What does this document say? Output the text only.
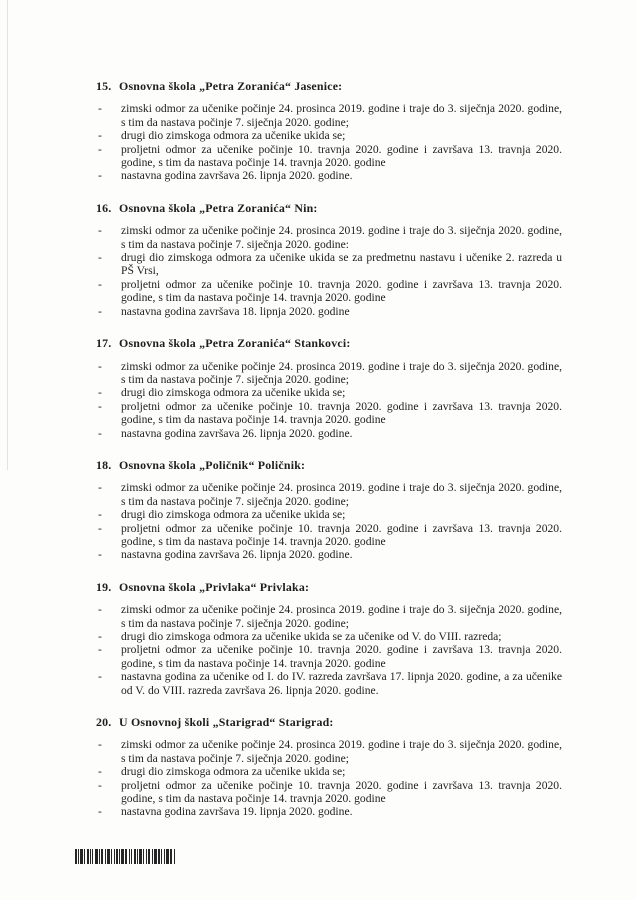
15. Osnovna škola „Petra Zoranića“ Jasenice:
-	zimski odmor za učenike počinje 24. prosinca 2019. godine i traje do 3. siječnja 2020. godine, s tim da nastava počinje 7. siječnja 2020. godine;
-	drugi dio zimskoga odmora za učenike ukida se;
-	proljetni odmor za učenike počinje 10. travnja 2020. godine i završava 13. travnja 2020. godine, s tim da nastava počinje 14. travnja 2020. godine
-	nastavna godina završava 26. lipnja 2020. godine.
16. Osnovna škola „Petra Zoranića“ Nin:
-	zimski odmor za učenike počinje 24. prosinca 2019. godine i traje do 3. siječnja 2020. godine, s tim da nastava počinje 7. siječnja 2020. godine:
-	drugi dio zimskoga odmora za učenike ukida se za predmetnu nastavu i učenike 2. razreda u PŠ Vrsi,
-	proljetni odmor za učenike počinje 10. travnja 2020. godine i završava 13. travnja 2020. godine, s tim da nastava počinje 14. travnja 2020. godine
-	nastavna godina završava 18. lipnja 2020. godine
17. Osnovna škola „Petra Zoranića“ Stankovci:
-	zimski odmor za učenike počinje 24. prosinca 2019. godine i traje do 3. siječnja 2020. godine, s tim da nastava počinje 7. siječnja 2020. godine;
-	drugi dio zimskoga odmora za učenike ukida se;
-	proljetni odmor za učenike počinje 10. travnja 2020. godine i završava 13. travnja 2020. godine, s tim da nastava počinje 14. travnja 2020. godine
-	nastavna godina završava 26. lipnja 2020. godine.
18. Osnovna škola „Poličnik“ Poličnik:
-	zimski odmor za učenike počinje 24. prosinca 2019. godine i traje do 3. siječnja 2020. godine, s tim da nastava počinje 7. siječnja 2020. godine;
-	drugi dio zimskoga odmora za učenike ukida se;
-	proljetni odmor za učenike počinje 10. travnja 2020. godine i završava 13. travnja 2020. godine, s tim da nastava počinje 14. travnja 2020. godine
-	nastavna godina završava 26. lipnja 2020. godine.
19. Osnovna škola „Privlaka“ Privlaka:
-	zimski odmor za učenike počinje 24. prosinca 2019. godine i traje do 3. siječnja 2020. godine, s tim da nastava počinje 7. siječnja 2020. godine;
-	drugi dio zimskoga odmora za učenike ukida se za učenike od V. do VIII. razreda;
-	proljetni odmor za učenike počinje 10. travnja 2020. godine i završava 13. travnja 2020. godine, s tim da nastava počinje 14. travnja 2020. godine
-	nastavna godina za učenike od I. do IV. razreda završava 17. lipnja 2020. godine, a za učenike od V. do VIII. razreda završava 26. lipnja 2020. godine.
20. U Osnovnoj školi „Starigrad“ Starigrad:
-	zimski odmor za učenike počinje 24. prosinca 2019. godine i traje do 3. siječnja 2020. godine, s tim da nastava počinje 7. siječnja 2020. godine;
-	drugi dio zimskoga odmora za učenike ukida se;
-	proljetni odmor za učenike počinje 10. travnja 2020. godine i završava 13. travnja 2020. godine, s tim da nastava počinje 14. travnja 2020. godine
-	nastavna godina završava 19. lipnja 2020. godine.
